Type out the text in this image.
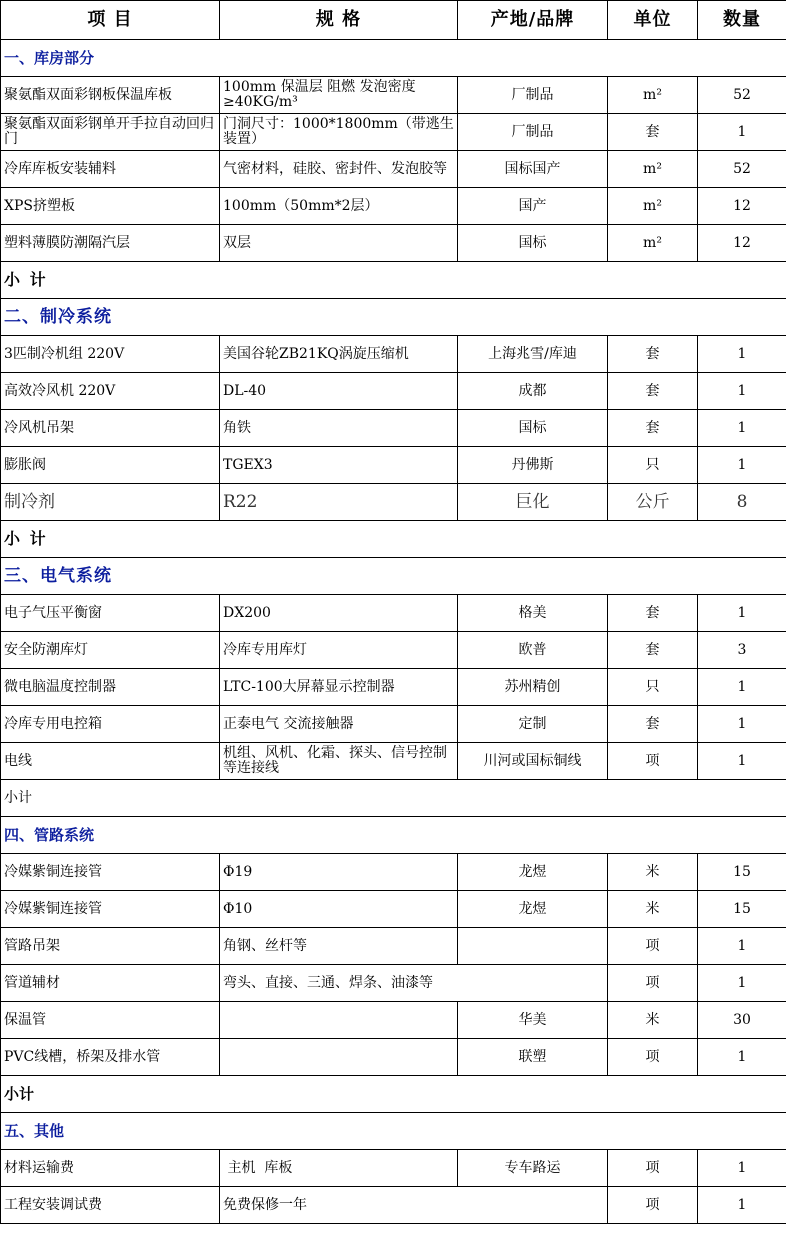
项 目	规 格	产地/品牌	单位	数量
一、库房部分				
聚氨酯双面彩钢板保温库板	100mm 保温层 阻燃 发泡密度≥40KG/m³	厂制品	m²	52
聚氨酯双面彩钢单开手拉自动回归门	门洞尺寸：1000*1800mm（带逃生装置）	厂制品	套	1
冷库库板安装辅料	气密材料，硅胶、密封件、发泡胶等	国标国产	m²	52
XPS挤塑板	100mm（50mm*2层）	国产	m²	12
塑料薄膜防潮隔汽层	双层	国标	m²	12
小 计				
二、制冷系统				
3匹制冷机组 220V	美国谷轮ZB21KQ涡旋压缩机	上海兆雪/库迪	套	1
高效冷风机 220V	DL-40	成都	套	1
冷风机吊架	角铁	国标	套	1
膨胀阀	TGEX3	丹佛斯	只	1
制冷剂	R22	巨化	公斤	8
小 计				
三、电气系统				
电子气压平衡窗	DX200	格美	套	1
安全防潮库灯	冷库专用库灯	欧普	套	3
微电脑温度控制器	LTC-100大屏幕显示控制器	苏州精创	只	1
冷库专用电控箱	正泰电气 交流接触器	定制	套	1
电线	机组、风机、化霜、探头、信号控制等连接线	川河或国标铜线	项	1
小计				
四、管路系统				
冷媒紫铜连接管	Φ19	龙煜	米	15
冷媒紫铜连接管	Φ10	龙煜	米	15
管路吊架	角钢、丝杆等		项	1
管道辅材	弯头、直接、三通、焊条、油漆等		项	1
保温管		华美	米	30
PVC线槽，桥架及排水管		联塑	项	1
小计				
五、其他				
材料运输费	主机  库板	专车路运	项	1
工程安装调试费	免费保修一年		项	1
